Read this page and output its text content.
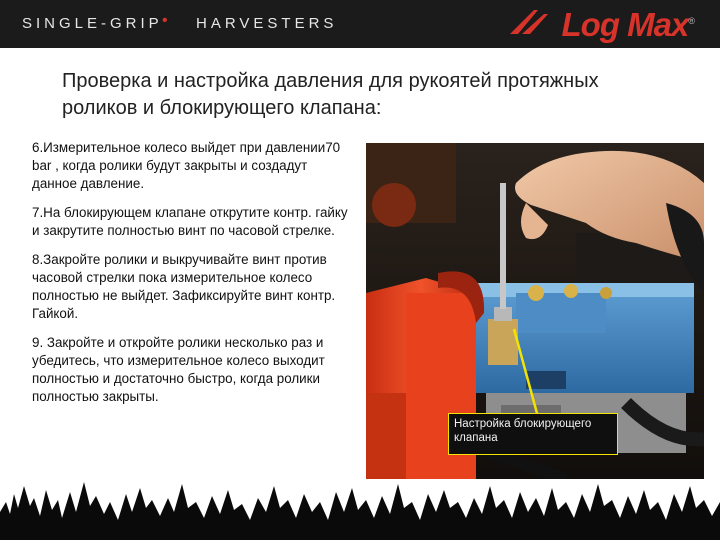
SINGLE-GRIP • HARVESTERS	Log Max®
Проверка и настройка давления для рукоятей протяжных роликов и блокирующего клапана:

6.Измерительное колесо выйдет при давлении70 bar , когда ролики будут закрыты и создадут данное давление.

7.На блокирующем клапане открутите контр. гайку и закрутите полностью винт по часовой стрелке.

8.Закройте ролики и выкручивайте винт против часовой стрелки пока измерительное колесо полностью не выйдет. Зафиксируйте винт контр. Гайкой.

9. Закройте и откройте ролики несколько раз и убедитесь, что измерительное колесо выходит полностью и достаточно быстро, когда ролики полностью закрыты.

Настройка блокирующего клапана
